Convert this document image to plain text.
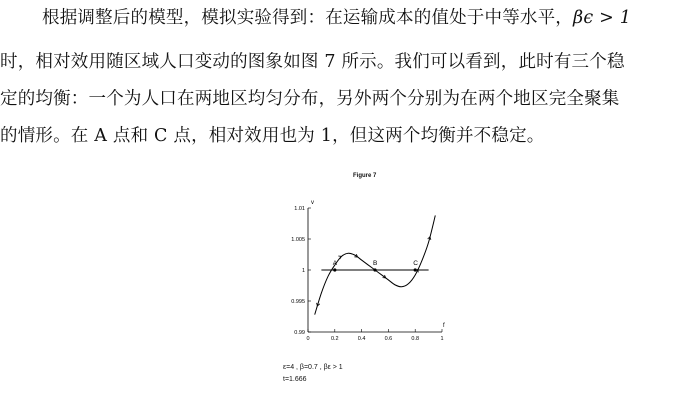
根据调整后的模型，模拟实验得到：在运输成本的值处于中等水平，βϵ > 1
时，相对效用随区域人口变动的图象如图 7 所示。我们可以看到，此时有三个稳
定的均衡：一个为人口在两地区均匀分布，另外两个分别为在两个地区完全聚集
的情形。在 A 点和 C 点，相对效用也为 1，但这两个均衡并不稳定。
Figure 7
v
f
1.01
1.005
1
0.995
0.99
0	0.2	0.4	0.6	0.8	1
A	B	C
ε=4 , β=0.7 , βε > 1
t=1.666
